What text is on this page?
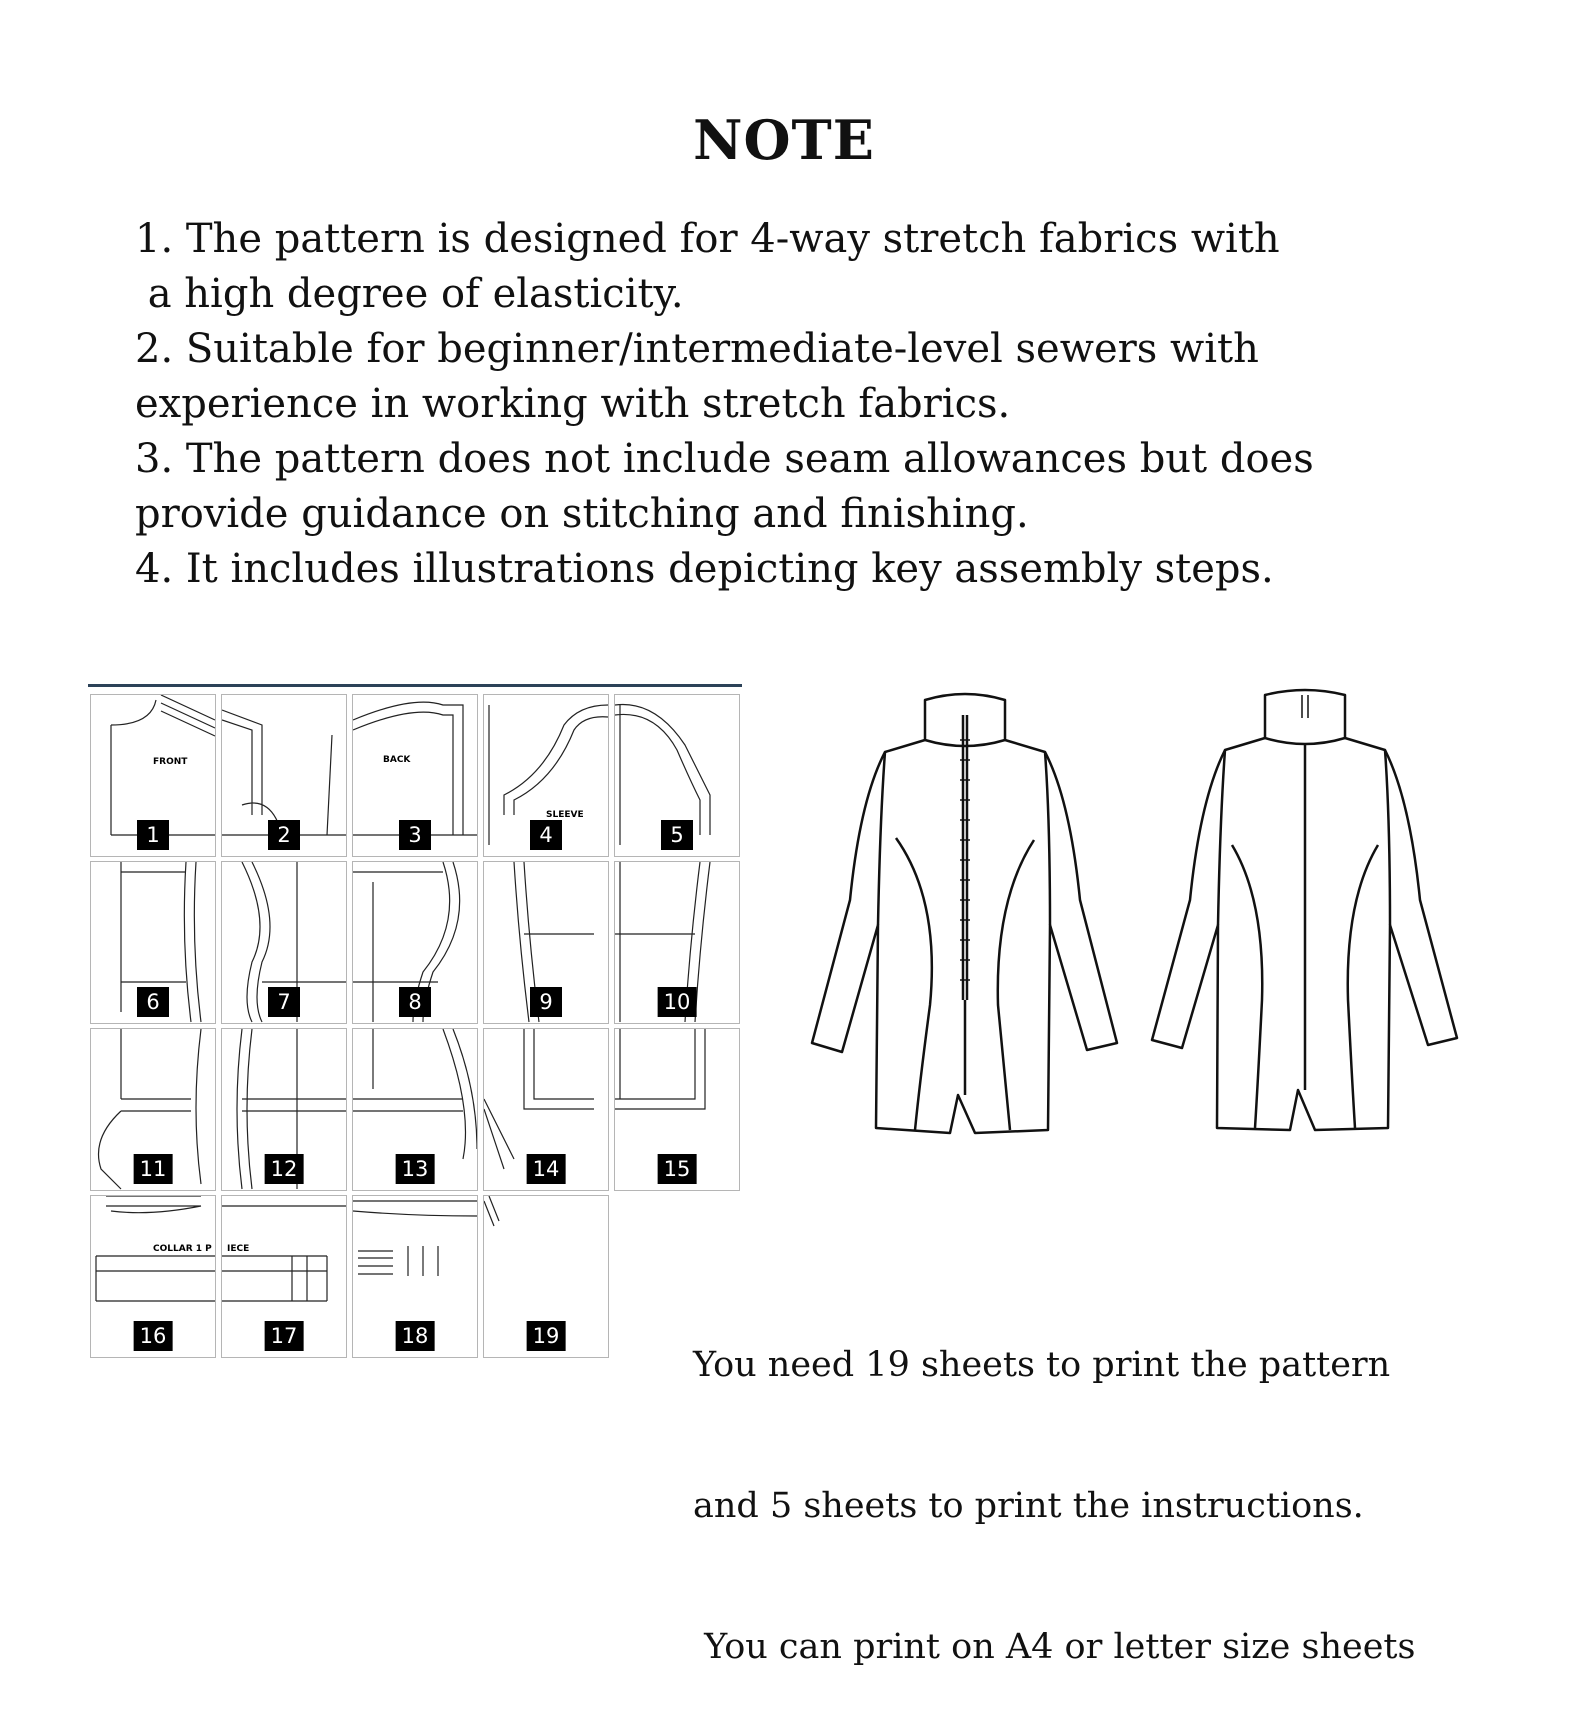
NOTE
1. The pattern is designed for 4-way stretch fabrics with
a high degree of elasticity.
2. Suitable for beginner/intermediate-level sewers with
experience in working with stretch fabrics.
3. The pattern does not include seam allowances but does
provide guidance on stitching and finishing.
4. It includes illustrations depicting key assembly steps.
FRONT
1	2
BACK
3
SLEEVE
4	5
6	7	8	9	10
11	12	13	14	15
COLLAR 1 P
16
IECE
17	18	19

You need 19 sheets to print the pattern

and 5 sheets to print the instructions.

You can print on A4 or letter size sheets
